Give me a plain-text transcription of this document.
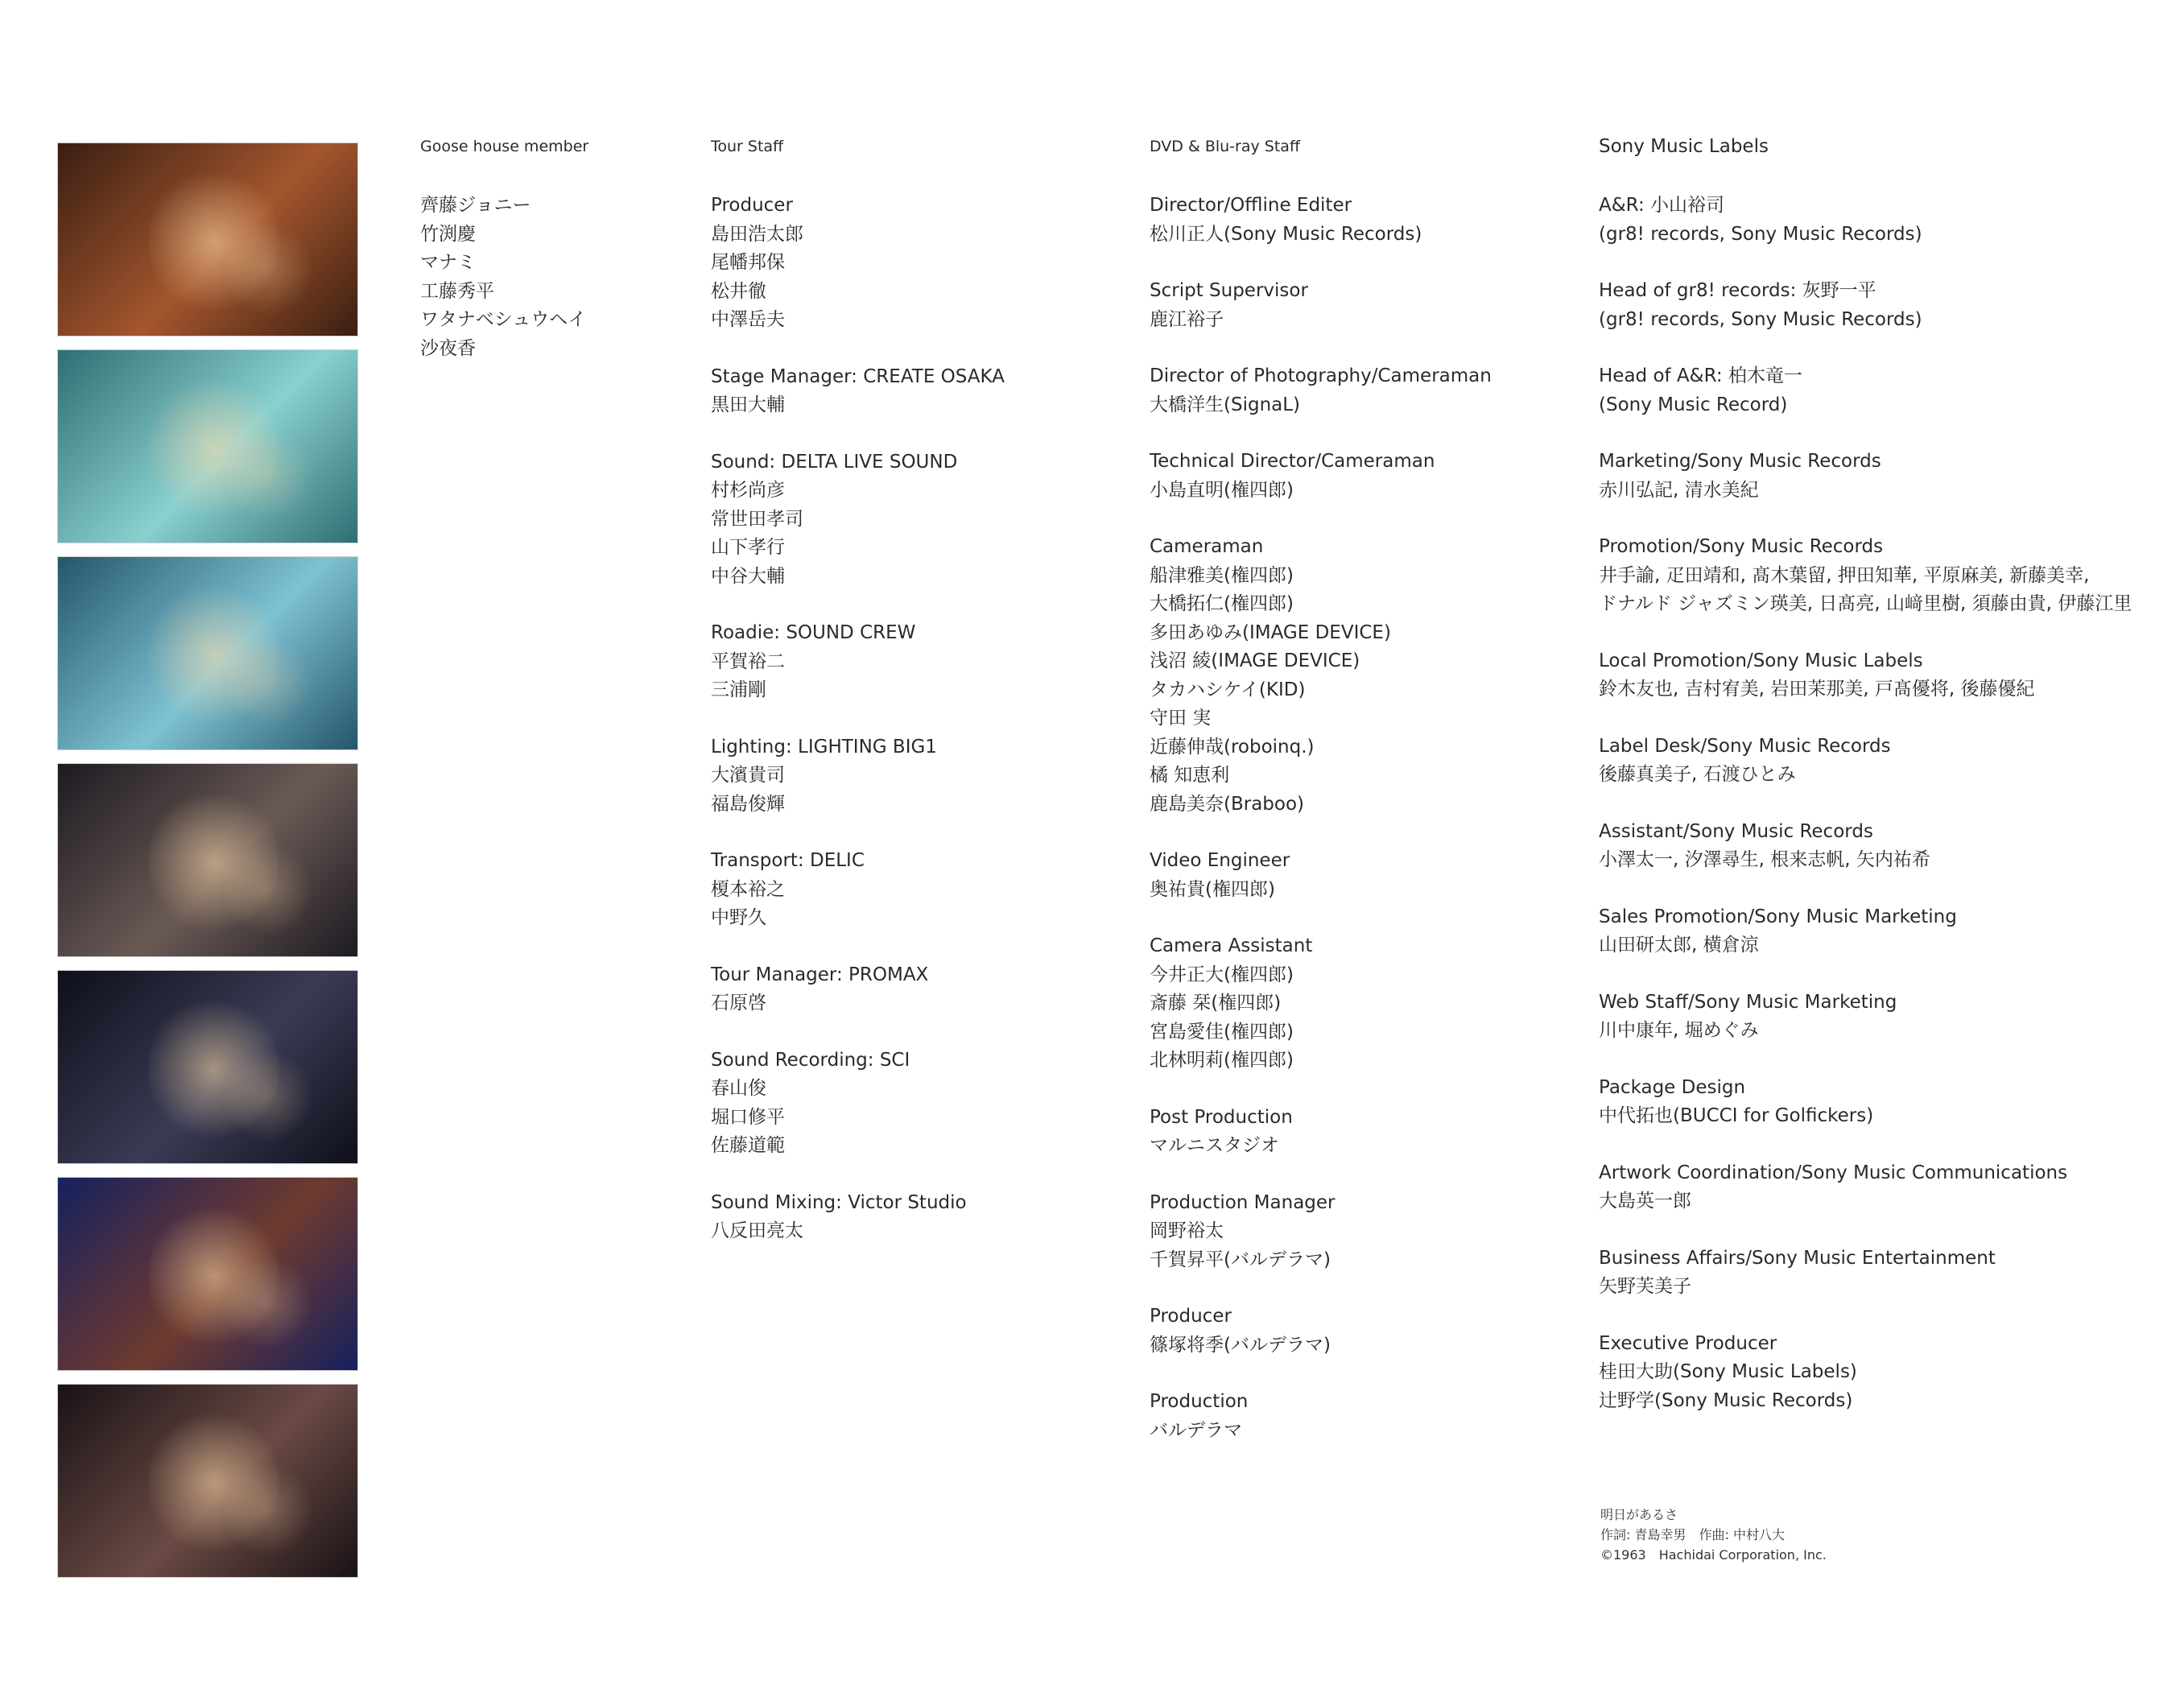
Goose house member
齊藤ジョニー
竹渕慶
マナミ
工藤秀平
ワタナベシュウヘイ
沙夜香
Tour Staff
Producer
島田浩太郎
尾幡邦保
松井徹
中澤岳夫
Stage Manager: CREATE OSAKA
黒田大輔
Sound: DELTA LIVE SOUND
村杉尚彦
常世田孝司
山下孝行
中谷大輔
Roadie: SOUND CREW
平賀裕二
三浦剛
Lighting: LIGHTING BIG1
大濱貴司
福島俊輝
Transport: DELIC
榎本裕之
中野久
Tour Manager: PROMAX
石原啓
Sound Recording: SCI
春山俊
堀口修平
佐藤道範
Sound Mixing: Victor Studio
八反田亮太
DVD & Blu-ray Staff
Director/Offline Editer
松川正人(Sony Music Records)
Script Supervisor
鹿江裕子
Director of Photography/Cameraman
大橋洋生(SignaL)
Technical Director/Cameraman
小島直明(権四郎)
Cameraman
船津雅美(権四郎)
大橋拓仁(権四郎)
多田あゆみ(IMAGE DEVICE)
浅沼 綾(IMAGE DEVICE)
タカハシケイ(KID)
守田 実
近藤伸哉(roboinq.)
橘 知恵利
鹿島美奈(Braboo)
Video Engineer
奥祐貴(権四郎)
Camera Assistant
今井正大(権四郎)
斎藤 栞(権四郎)
宮島愛佳(権四郎)
北林明莉(権四郎)
Post Production
マルニスタジオ
Production Manager
岡野裕太
千賀昇平(バルデラマ)
Producer
篠塚将季(バルデラマ)
Production
バルデラマ
Sony Music Labels
A&R: 小山裕司
(gr8! records, Sony Music Records)
Head of gr8! records: 灰野一平
(gr8! records, Sony Music Records)
Head of A&R: 柏木竜一
(Sony Music Record)
Marketing/Sony Music Records
赤川弘記, 清水美紀
Promotion/Sony Music Records
井手諭, 疋田靖和, 髙木葉留, 押田知華, 平原麻美, 新藤美幸,
ドナルド ジャズミン瑛美, 日髙亮, 山﨑里樹, 須藤由貴, 伊藤江里
Local Promotion/Sony Music Labels
鈴木友也, 吉村宥美, 岩田茉那美, 戸髙優将, 後藤優紀
Label Desk/Sony Music Records
後藤真美子, 石渡ひとみ
Assistant/Sony Music Records
小澤太一, 汐澤尋生, 根来志帆, 矢内祐希
Sales Promotion/Sony Music Marketing
山田研太郎, 横倉涼
Web Staff/Sony Music Marketing
川中康年, 堀めぐみ
Package Design
中代拓也(BUCCI for Golfickers)
Artwork Coordination/Sony Music Communications
大島英一郎
Business Affairs/Sony Music Entertainment
矢野芙美子
Executive Producer
桂田大助(Sony Music Labels)
辻野学(Sony Music Records)
明日があるさ
作詞: 青島幸男　作曲: 中村八大
©1963　Hachidai Corporation, Inc.
